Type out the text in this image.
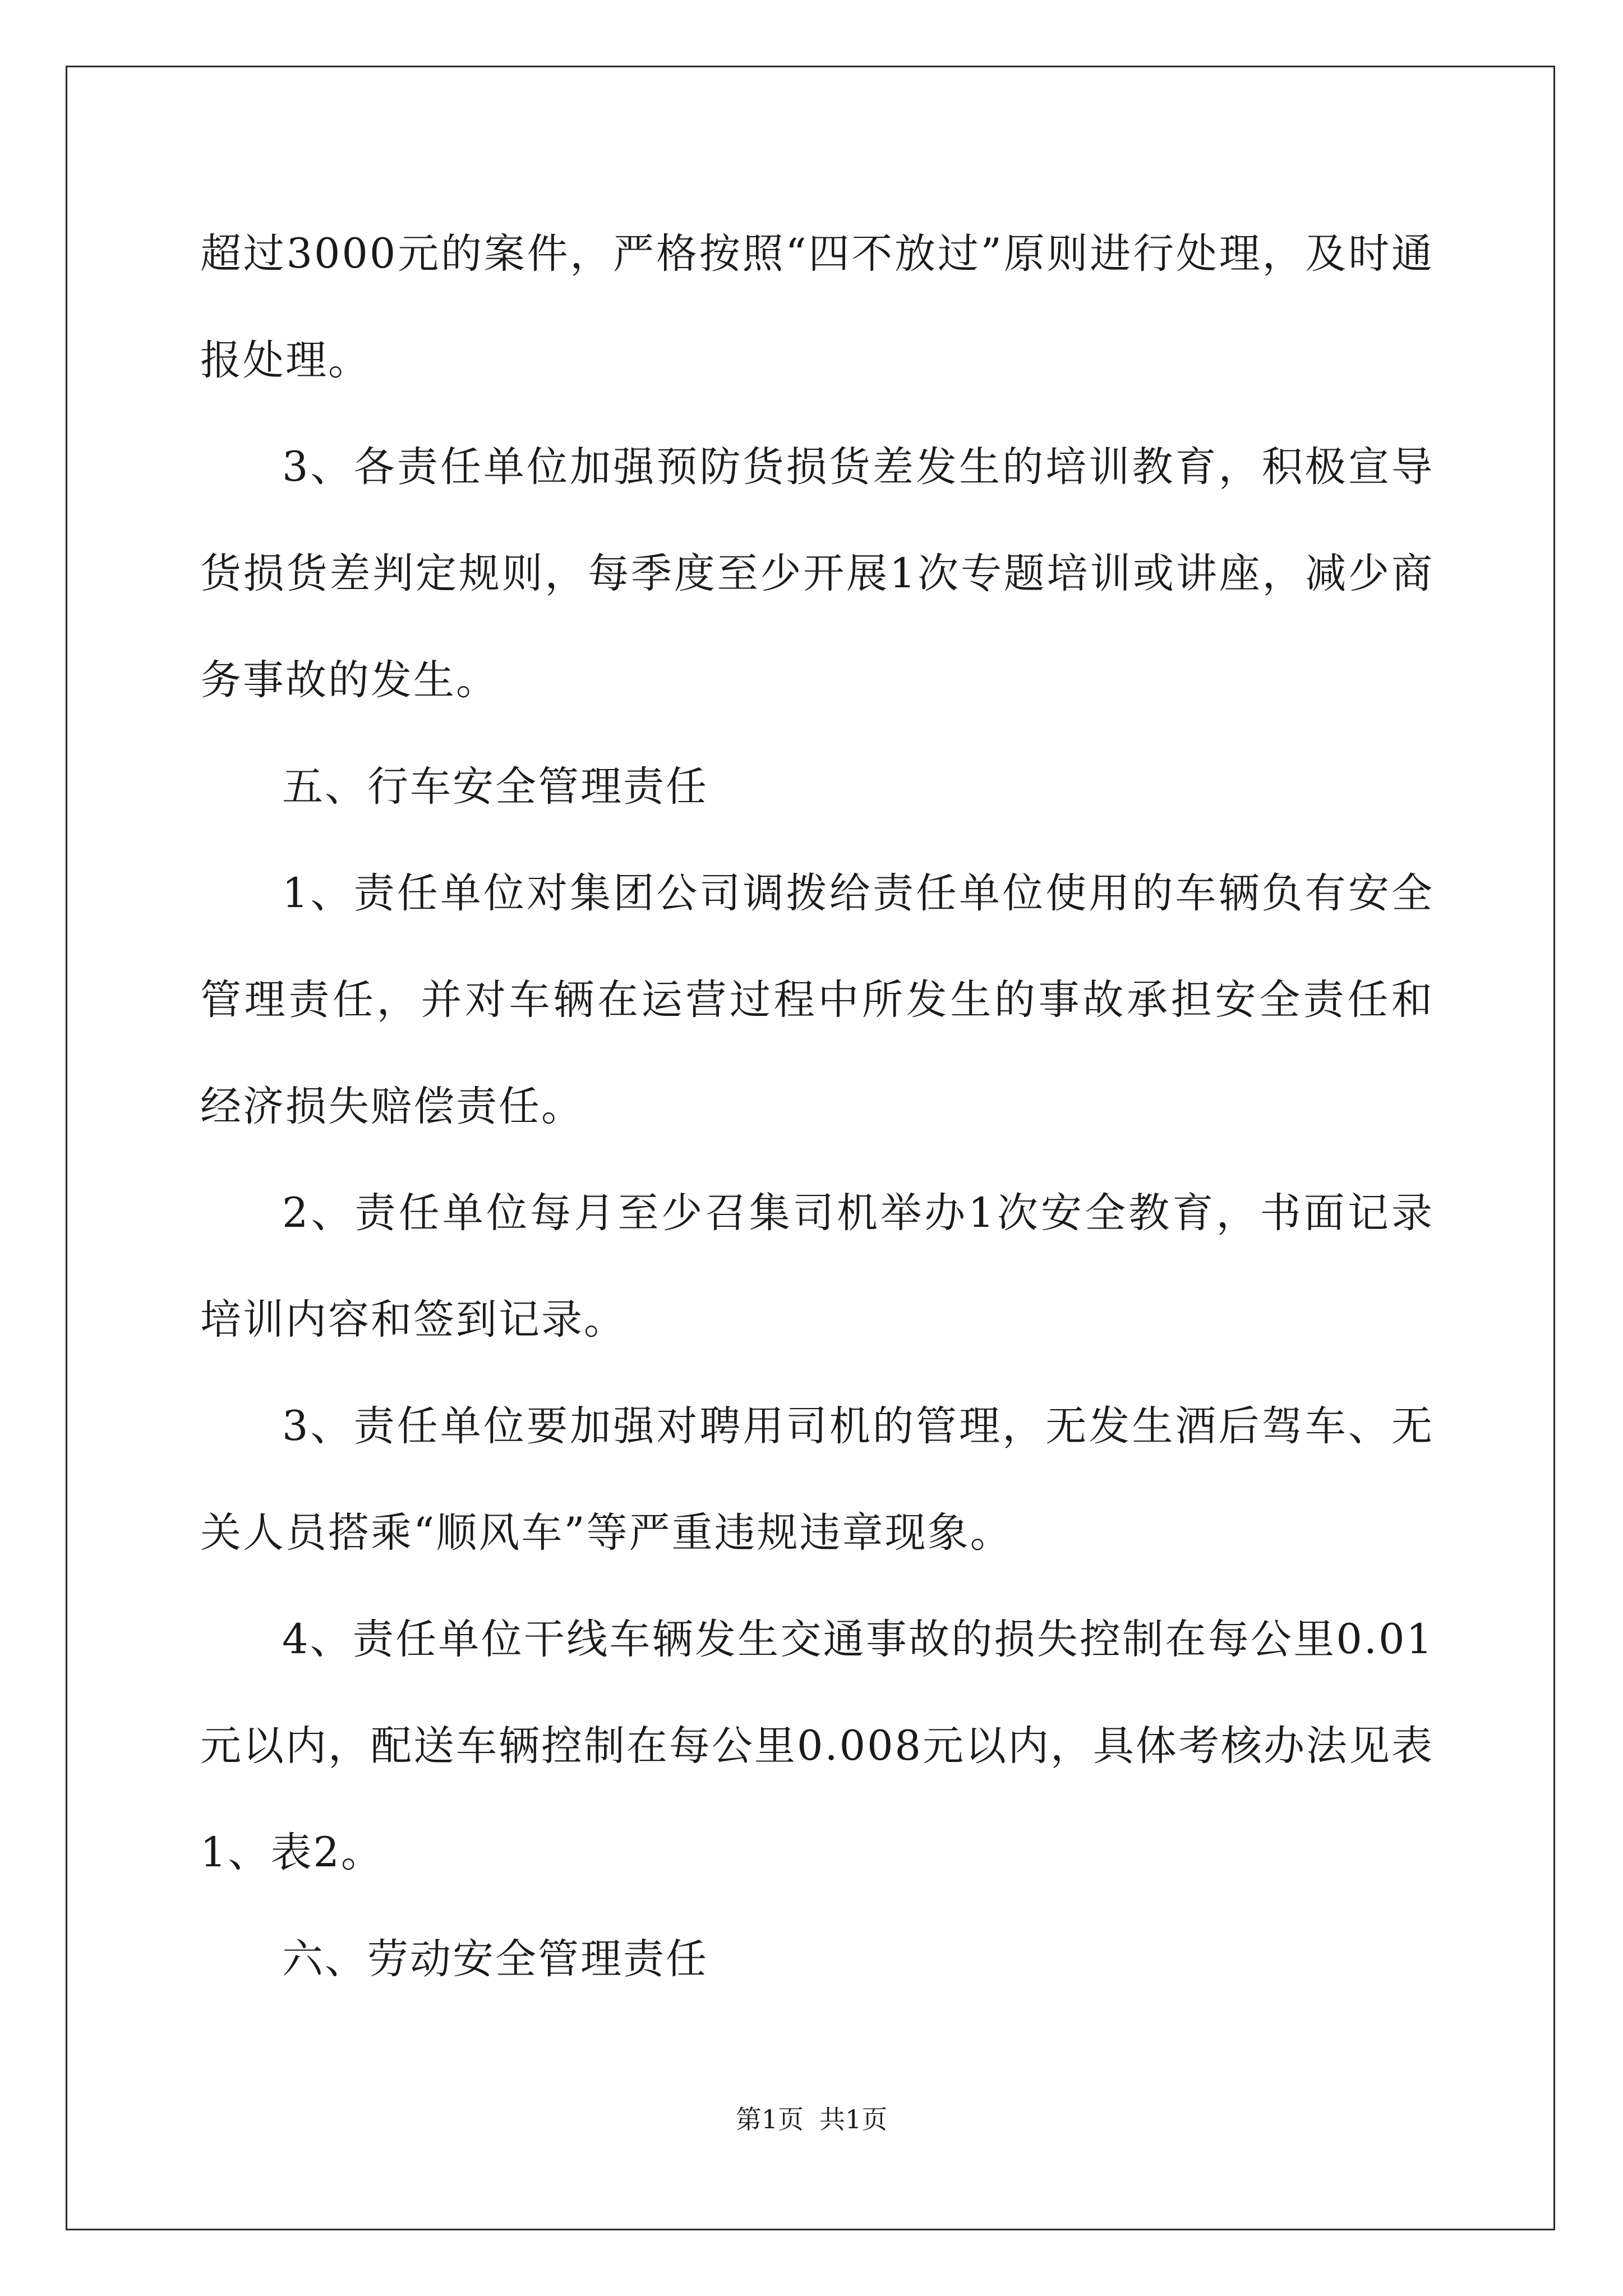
超过3000元的案件，严格按照“四不放过”原则进行处理，及时通报处理。

3、各责任单位加强预防货损货差发生的培训教育，积极宣导货损货差判定规则，每季度至少开展1次专题培训或讲座，减少商务事故的发生。

五、行车安全管理责任

1、责任单位对集团公司调拨给责任单位使用的车辆负有安全管理责任，并对车辆在运营过程中所发生的事故承担安全责任和经济损失赔偿责任。

2、责任单位每月至少召集司机举办1次安全教育，书面记录培训内容和签到记录。

3、责任单位要加强对聘用司机的管理，无发生酒后驾车、无关人员搭乘“顺风车”等严重违规违章现象。

4、责任单位干线车辆发生交通事故的损失控制在每公里0.01元以内，配送车辆控制在每公里0.008元以内，具体考核办法见表1、表2。

六、劳动安全管理责任

第1页 共1页
